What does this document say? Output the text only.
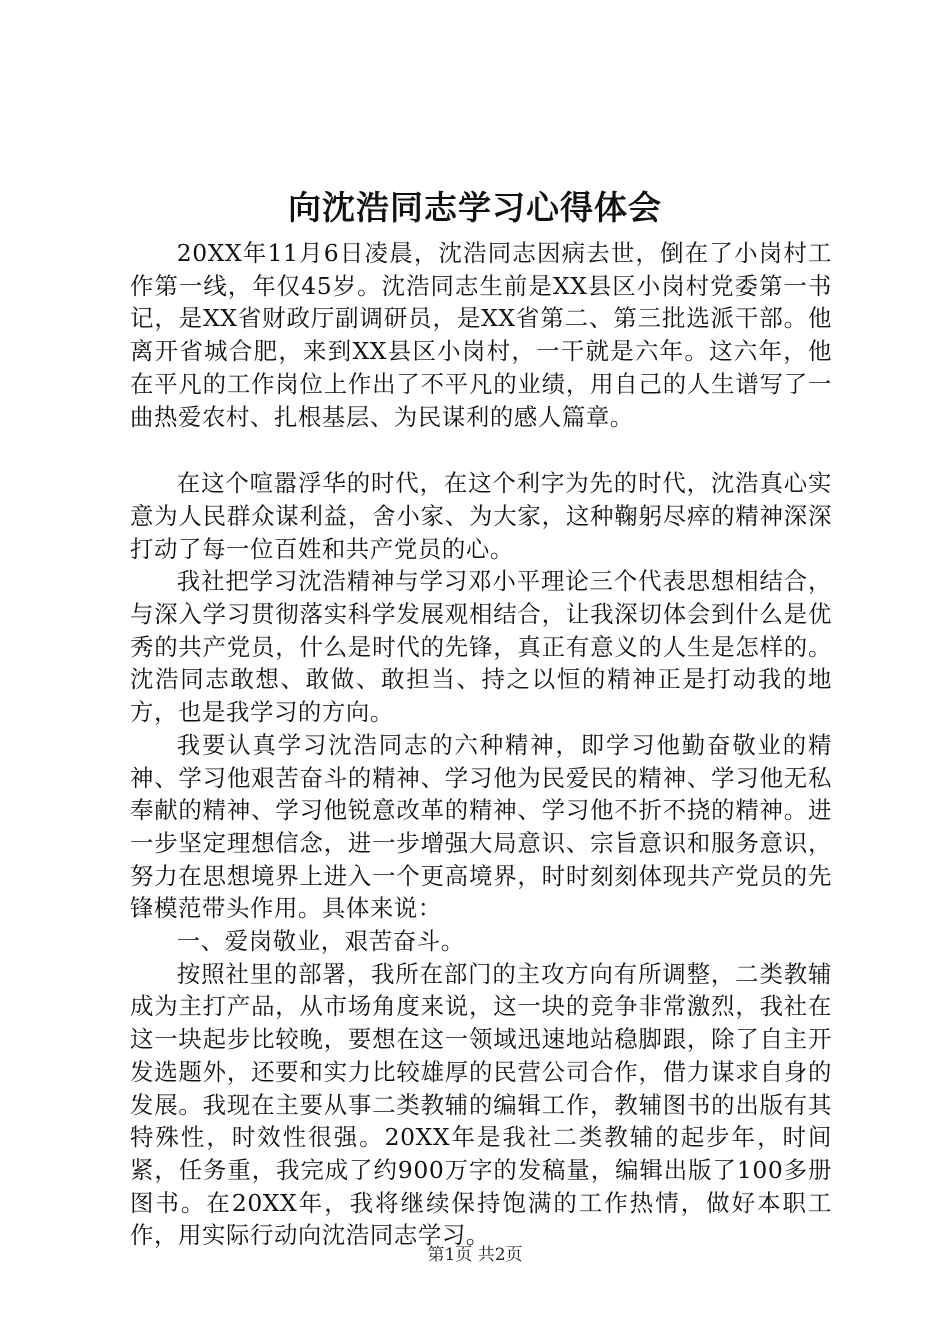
向沈浩同志学习心得体会

20XX年11月6日凌晨，沈浩同志因病去世，倒在了小岗村工作第一线，年仅45岁。沈浩同志生前是XX县区小岗村党委第一书记，是XX省财政厅副调研员，是XX省第二、第三批选派干部。他离开省城合肥，来到XX县区小岗村，一干就是六年。这六年，他在平凡的工作岗位上作出了不平凡的业绩，用自己的人生谱写了一曲热爱农村、扎根基层、为民谋利的感人篇章。

在这个喧嚣浮华的时代，在这个利字为先的时代，沈浩真心实意为人民群众谋利益，舍小家、为大家，这种鞠躬尽瘁的精神深深打动了每一位百姓和共产党员的心。

我社把学习沈浩精神与学习邓小平理论三个代表思想相结合，与深入学习贯彻落实科学发展观相结合，让我深切体会到什么是优秀的共产党员，什么是时代的先锋，真正有意义的人生是怎样的。沈浩同志敢想、敢做、敢担当、持之以恒的精神正是打动我的地方，也是我学习的方向。

我要认真学习沈浩同志的六种精神，即学习他勤奋敬业的精神、学习他艰苦奋斗的精神、学习他为民爱民的精神、学习他无私奉献的精神、学习他锐意改革的精神、学习他不折不挠的精神。进一步坚定理想信念，进一步增强大局意识、宗旨意识和服务意识，努力在思想境界上进入一个更高境界，时时刻刻体现共产党员的先锋模范带头作用。具体来说：

一、爱岗敬业，艰苦奋斗。

按照社里的部署，我所在部门的主攻方向有所调整，二类教辅成为主打产品，从市场角度来说，这一块的竞争非常激烈，我社在这一块起步比较晚，要想在这一领域迅速地站稳脚跟，除了自主开发选题外，还要和实力比较雄厚的民营公司合作，借力谋求自身的发展。我现在主要从事二类教辅的编辑工作，教辅图书的出版有其特殊性，时效性很强。20XX年是我社二类教辅的起步年，时间紧，任务重，我完成了约900万字的发稿量，编辑出版了100多册图书。在20XX年，我将继续保持饱满的工作热情，做好本职工作，用实际行动向沈浩同志学习。

第1页 共2页
